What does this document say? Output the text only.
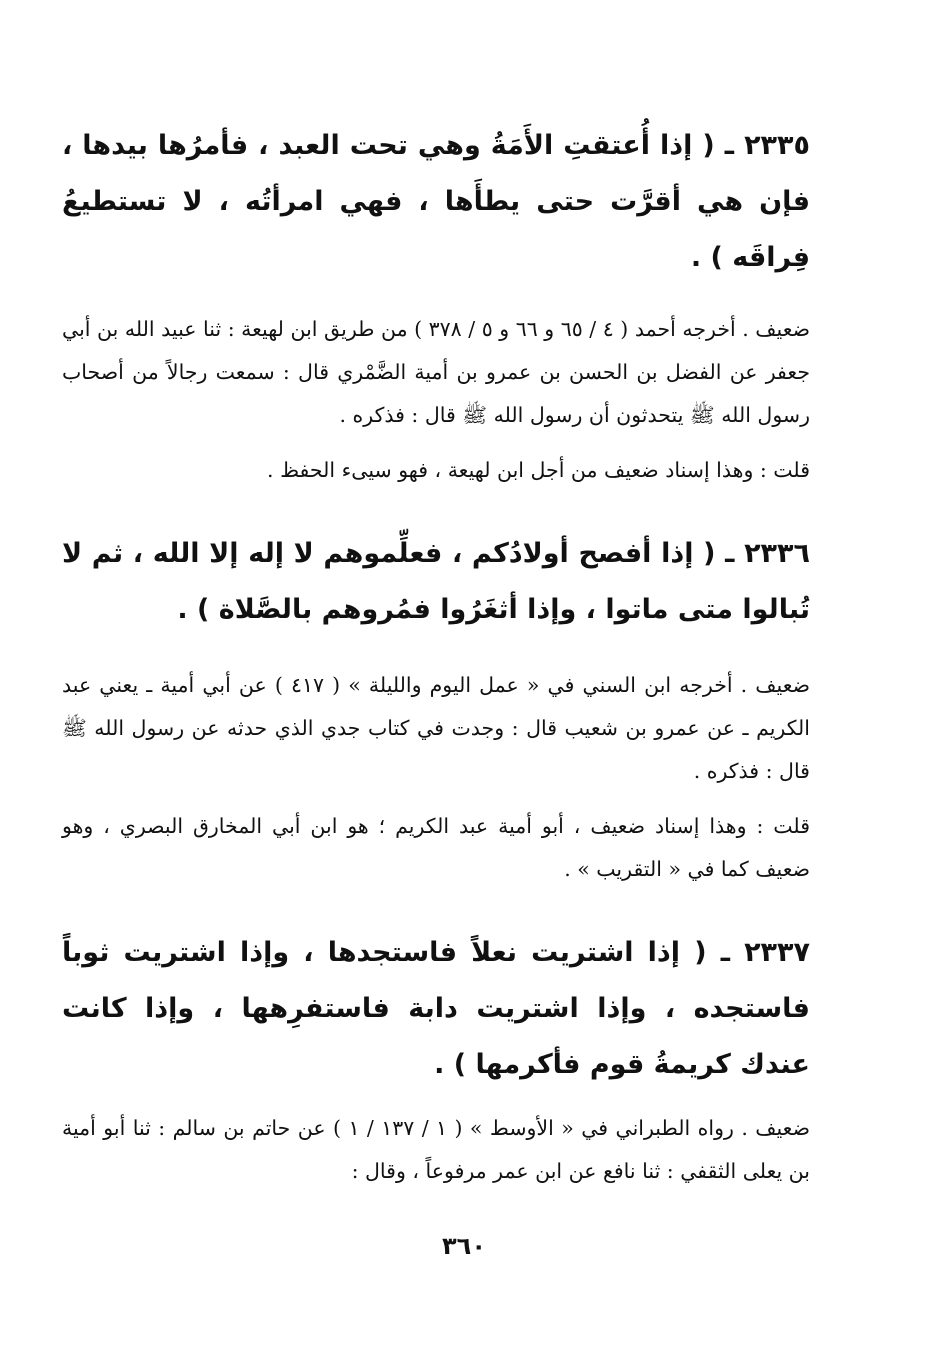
٢٣٣٥ ـ ( إذا أُعتقتِ الأَمَةُ وهي تحت العبد ، فأمرُها بيدها ، فإن هي أقرَّت حتى يطأَها ، فهي امرأتُه ، لا تستطيعُ فِراقَه ) .

ضعيف . أخرجه أحمد ( ٤ / ٦٥ و ٦٦ و ٥ / ٣٧٨ ) من طريق ابن لهيعة : ثنا عبيد الله بن أبي جعفر عن الفضل بن الحسن بن عمرو بن أمية الضَّمْري قال : سمعت رجالاً من أصحاب رسول الله ﷺ يتحدثون أن رسول الله ﷺ قال : فذكره .

قلت : وهذا إسناد ضعيف من أجل ابن لهيعة ، فهو سيىء الحفظ .

٢٣٣٦ ـ ( إذا أفصح أولادُكم ، فعلِّموهم لا إله إلا الله ، ثم لا تُبالوا متى ماتوا ، وإذا أثغَرُوا فمُروهم بالصَّلاة ) .

ضعيف . أخرجه ابن السني في « عمل اليوم والليلة » ( ٤١٧ ) عن أبي أمية ـ يعني عبد الكريم ـ عن عمرو بن شعيب قال : وجدت في كتاب جدي الذي حدثه عن رسول الله ﷺ قال : فذكره .

قلت : وهذا إسناد ضعيف ، أبو أمية عبد الكريم ؛ هو ابن أبي المخارق البصري ، وهو ضعيف كما في « التقريب » .

٢٣٣٧ ـ ( إذا اشتريت نعلاً فاستجدها ، وإذا اشتريت ثوباً فاستجده ، وإذا اشتريت دابة فاستفرِهها ، وإذا كانت عندك كريمةُ قوم فأكرمها ) .

ضعيف . رواه الطبراني في « الأوسط » ( ١ / ١٣٧ / ١ ) عن حاتم بن سالم : ثنا أبو أمية بن يعلى الثقفي : ثنا نافع عن ابن عمر مرفوعاً ، وقال :

٣٦٠
